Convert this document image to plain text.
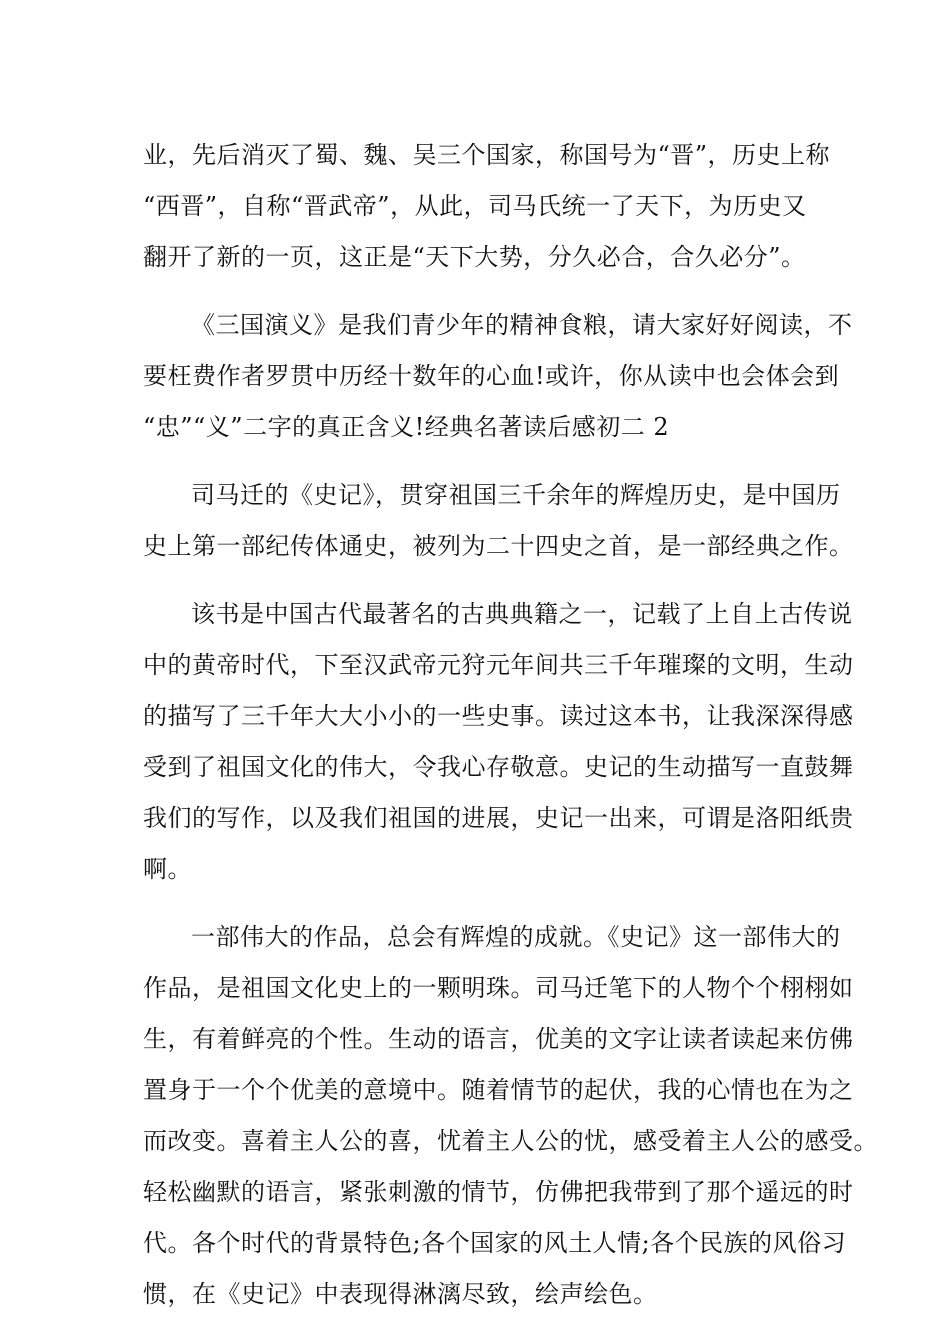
业，先后消灭了蜀、魏、吴三个国家，称国号为“晋”，历史上称
“西晋”，自称“晋武帝”，从此，司马氏统一了天下，为历史又
翻开了新的一页，这正是“天下大势，分久必合，合久必分”。
《三国演义》是我们青少年的精神食粮，请大家好好阅读，不
要枉费作者罗贯中历经十数年的心血!或许，你从读中也会体会到
“忠”“义”二字的真正含义!经典名著读后感初二 2
司马迁的《史记》，贯穿祖国三千余年的辉煌历史，是中国历
史上第一部纪传体通史，被列为二十四史之首，是一部经典之作。
该书是中国古代最著名的古典典籍之一，记载了上自上古传说
中的黄帝时代，下至汉武帝元狩元年间共三千年璀璨的文明，生动
的描写了三千年大大小小的一些史事。读过这本书，让我深深得感
受到了祖国文化的伟大，令我心存敬意。史记的生动描写一直鼓舞
我们的写作，以及我们祖国的进展，史记一出来，可谓是洛阳纸贵
啊。
一部伟大的作品，总会有辉煌的成就。《史记》这一部伟大的
作品，是祖国文化史上的一颗明珠。司马迁笔下的人物个个栩栩如
生，有着鲜亮的个性。生动的语言，优美的文字让读者读起来仿佛
置身于一个个优美的意境中。随着情节的起伏，我的心情也在为之
而改变。喜着主人公的喜，忧着主人公的忧，感受着主人公的感受。
轻松幽默的语言，紧张刺激的情节，仿佛把我带到了那个遥远的时
代。各个时代的背景特色;各个国家的风土人情;各个民族的风俗习
惯，在《史记》中表现得淋漓尽致，绘声绘色。
